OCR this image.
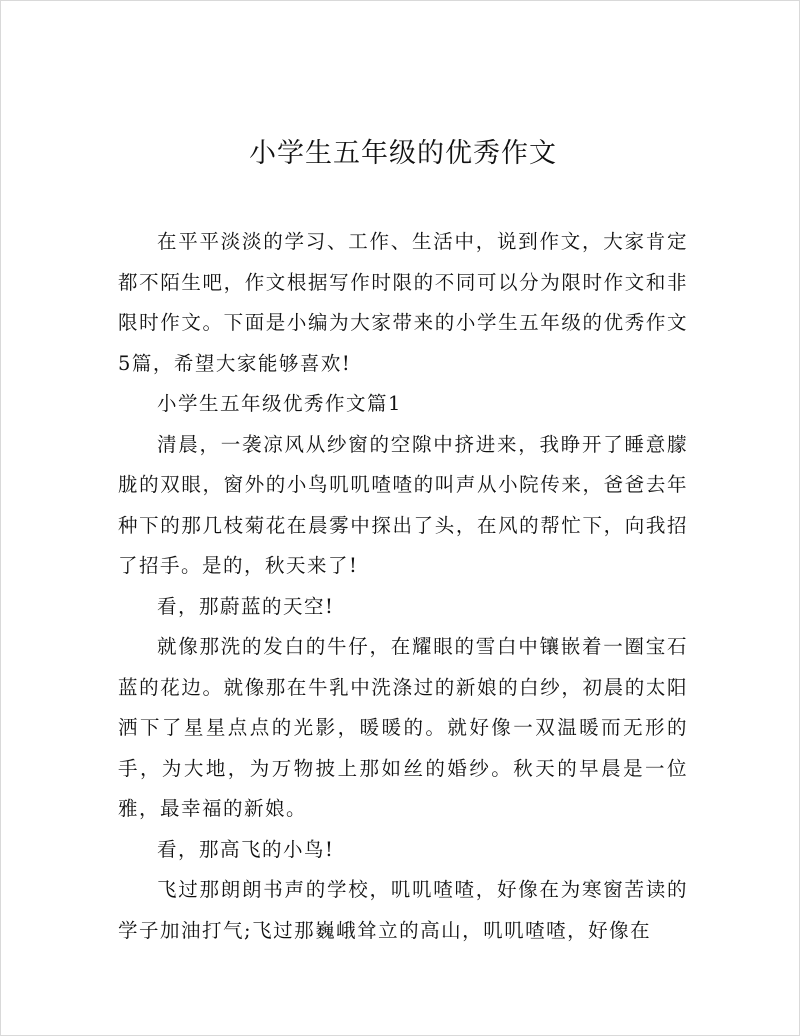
小学生五年级的优秀作文

在平平淡淡的学习、工作、生活中，说到作文，大家肯定都不陌生吧，作文根据写作时限的不同可以分为限时作文和非限时作文。下面是小编为大家带来的小学生五年级的优秀作文5篇，希望大家能够喜欢!

小学生五年级优秀作文篇1

清晨，一袭凉风从纱窗的空隙中挤进来，我睁开了睡意朦胧的双眼，窗外的小鸟叽叽喳喳的叫声从小院传来，爸爸去年种下的那几枝菊花在晨雾中探出了头，在风的帮忙下，向我招了招手。是的，秋天来了!

看，那蔚蓝的天空!

就像那洗的发白的牛仔，在耀眼的雪白中镶嵌着一圈宝石蓝的花边。就像那在牛乳中洗涤过的新娘的白纱，初晨的太阳洒下了星星点点的光影，暖暖的。就好像一双温暖而无形的手，为大地，为万物披上那如丝的婚纱。秋天的早晨是一位雅，最幸福的新娘。

看，那高飞的小鸟!

飞过那朗朗书声的学校，叽叽喳喳，好像在为寒窗苦读的学子加油打气;飞过那巍峨耸立的高山，叽叽喳喳，好像在
